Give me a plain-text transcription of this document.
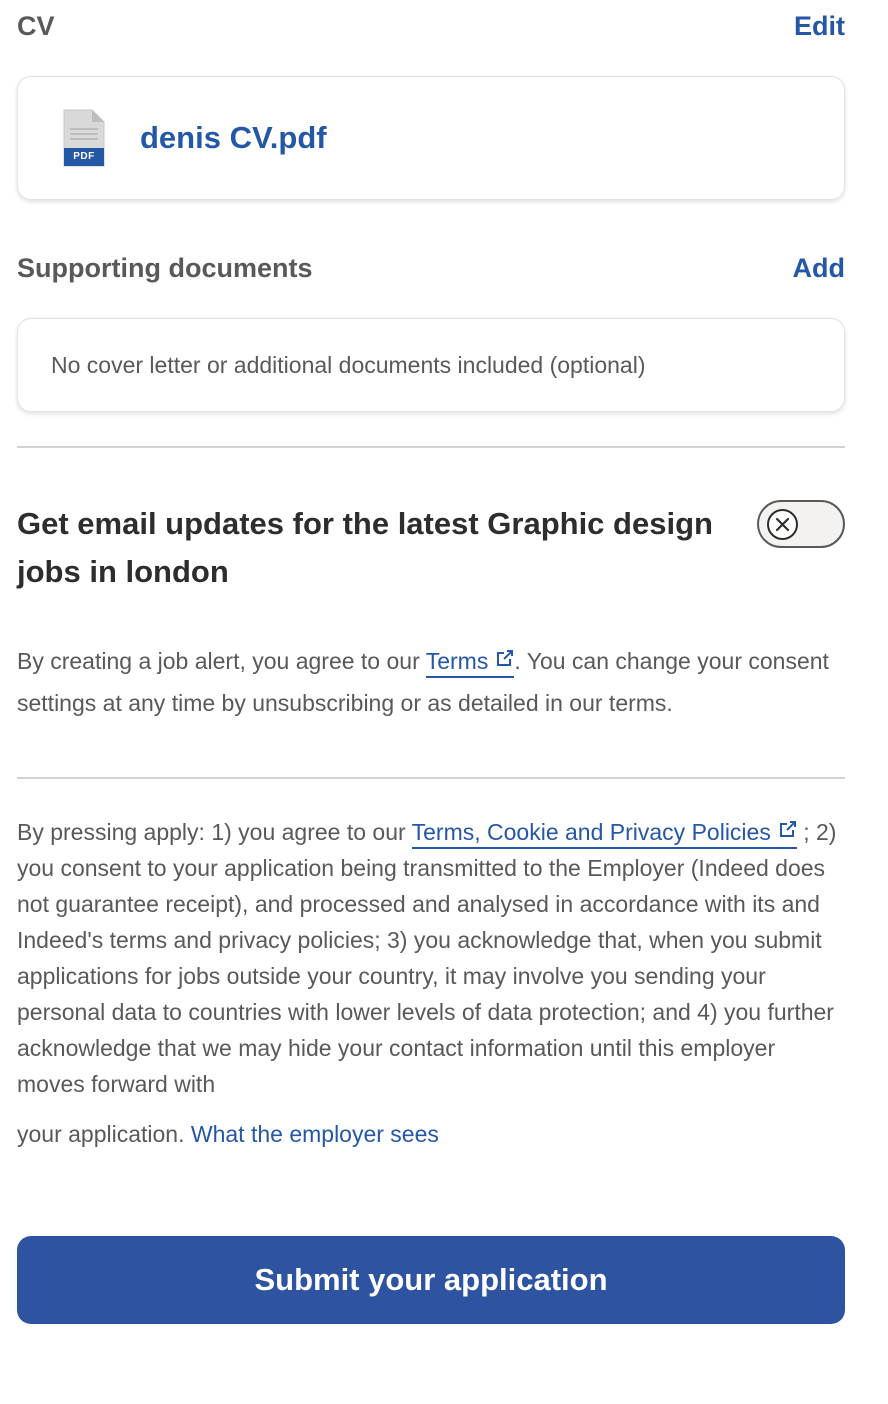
CV	Edit
PDF
denis CV.pdf
Supporting documents	Add
No cover letter or additional documents included (optional)
Get email updates for the latest Graphic design jobs in london
By creating a job alert, you agree to our Terms . You can change your consent settings at any time by unsubscribing or as detailed in our terms.
By pressing apply: 1) you agree to our Terms, Cookie and Privacy Policies ; 2) you consent to your application being transmitted to the Employer (Indeed does not guarantee receipt), and processed and analysed in accordance with its and Indeed's terms and privacy policies; 3) you acknowledge that, when you submit applications for jobs outside your country, it may involve you sending your personal data to countries with lower levels of data protection; and 4) you further acknowledge that we may hide your contact information until this employer moves forward with
your application. What the employer sees
Submit your application
